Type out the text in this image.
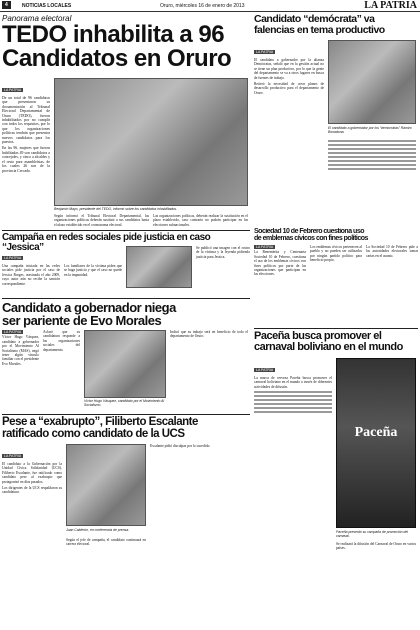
4	NOTICIAS LOCALES	Oruro, miércoles 16 de enero de 2013	LA PATRIA
Panorama electoral
TEDO inhabilita a 96
Candidatos en Oruro
LA PATRIA
De un total de 96 candidatos que presentaron su documentación al Tribunal Electoral Departamental de Oruro (TEDO), fueron inhabilitados por no cumplir con todos los requisitos, por lo que los organizaciones políticas tendrán que presentar nuevos candidatos para los puestos.
En las 96, mujeres que fueron habilitadas 49 son candidatos a concejales, y cinco a alcaldes y el resto para asambleístas, de los cuales 26 son de la provincia Cercado.
Benjamín Mayo, presidente del TEDO, informó sobre los candidatos inhabilitados.
Según informó el Tribunal Electoral Departamental, las organizaciones políticas deberán sustituir a sus candidatos hasta el plazo establecido en el cronograma electoral.
Las organizaciones políticas, deberán realizar la sustitución en el plazo establecido, caso contrario no podrán participar en las elecciones subnacionales.
Candidato “demócrata” va
falencias en tema productivo
LA PATRIA
El candidato a gobernador por la alianza Demócratas, señaló que en la gestión actual no se tiene un plan productivo, por lo que la gente del departamento se va a otros lugares en busca de fuentes de trabajo.
Reiteró la necesidad de crear planes de desarrollo productivo para el departamento de Oruro.
El candidato a gobernador por los “demócratas” Ramiro Bonadona.
Sociedad 10 de Febrero cuestiona uso
de emblemas cívicos con fines políticos
LA PATRIA
La Benemérita y Centenaria Sociedad 10 de Febrero, cuestiona el uso de los emblemas cívicos con fines políticos por parte de las organizaciones que participan en las elecciones.
Los emblemas cívicos pertenecen al pueblo y no pueden ser utilizados por ningún partido político para beneficio propio.
La Sociedad 10 de Febrero pide a las autoridades electorales tomar cartas en el asunto.
Campaña en redes sociales pide justicia en caso “Jessica”
LA PATRIA
Una campaña iniciada en las redes sociales pide justicia por el caso de Jessica Borges, asesinada el año 2009, cuyo autor aún no recibe la sanción correspondiente.
Los familiares de la víctima piden que se haga justicia y que el caso no quede en la impunidad.
Se publicó una imagen con el rostro de la víctima y la leyenda pidiendo justicia para Jessica.
Candidato a gobernador niega
ser pariente de Evo Morales
LA PATRIA
Víctor Hugo Vásquez, candidato a gobernador por el Movimiento Al Socialismo (MAS), negó tener algún vínculo familiar con el presidente Evo Morales.
Aclaró que su candidatura responde a las organizaciones sociales del departamento.
Víctor Hugo Vásquez, candidato por el Movimiento Al Socialismo.
Indicó que su trabajo será en beneficio de todo el departamento de Oruro.	Paceña busca promover el
carnaval boliviano en el mundo
LA PATRIA
La marca de cerveza Paceña busca promover el carnaval boliviano en el mundo a través de diferentes actividades de difusión.
Paceña
Paceña presentó su campaña de promoción del carnaval.
Se realizará la difusión del Carnaval de Oruro en varios países.
Pese a “exabrupto”, Filiberto Escalante
ratificado como candidato de la UCS
LA PATRIA
El candidato a la Gobernación por la Unidad Cívica Solidaridad (UCS), Filiberto Escalante, fue ratificado como candidato pese al exabrupto que protagonizó en días pasados.
Los dirigentes de la UCS respaldaron su candidatura.
Juan Calderón, en conferencia de prensa.
Según el jefe de campaña, el candidato continuará en carrera electoral.
Escalante pidió disculpas por lo sucedido.
